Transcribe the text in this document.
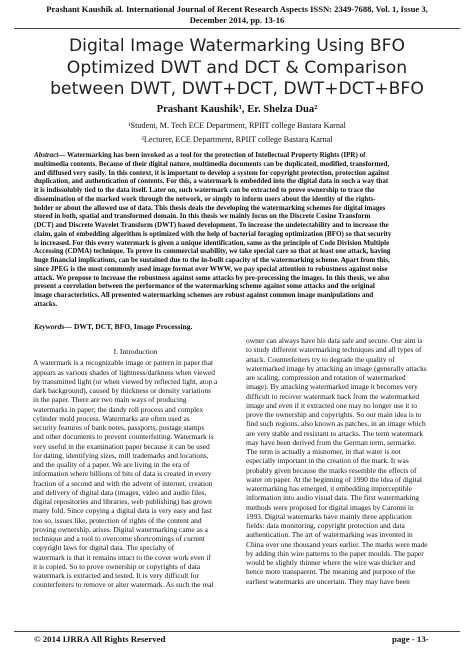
Prashant Kaushik al. International Journal of Recent Research Aspects ISSN: 2349-7688, Vol. 1, Issue 3,
December 2014, pp. 13-16
Digital Image Watermarking Using BFO
Optimized DWT and DCT & Comparison
between DWT, DWT+DCT, DWT+DCT+BFO
Prashant Kaushik¹, Er. Shelza Dua²
¹Student, M. Tech ECE Department, RPIIT college Bastara Karnal
²Lecturer, ECE Department, RPIIT college Bastara Karnal
Abstract— Watermarking has been invoked as a tool for the protection of Intellectual Property Rights (IPR) of
multimedia contents. Because of their digital nature, multimedia documents can be duplicated, modified, transformed,
and diffused very easily. In this context, it is important to develop a system for copyright protection, protection against
duplication, and authentication of contents. For this, a watermark is embedded into the digital data in such a way that
it is indissolubly tied to the data itself. Later on, such watermark can be extracted to prove ownership to trace the
dissemination of the marked work through the network, or simply to inform users about the identity of the rights-
holder or about the allowed use of data. This thesis deals the developing the watermarking schemes for digital images
stored in both, spatial and transformed domain. In this thesis we mainly focus on the Discrete Cosine Transform
(DCT) and Discrete Wavelet Transform (DWT) based development. To increase the undetectability and to increase the
claim, gain of embedding algorithm is optimized with the help of bacterial foraging optimization (BFO) so that security
is increased. For this every watermark is given a unique identification, same as the principle of Code Division Multiple
Accessing (CDMA) technique. To prove its commercial usability, we take special care so that at least one attack, having
huge financial implications, can be sustained due to the in-built capacity of the watermarking scheme. Apart from this,
since JPEG is the most commonly used image format over WWW, we pay special attention to robustness against noise
attack. We propose to increase the robustness against some attacks by pre-processing the images. In this thesis, we also
present a correlation between the performance of the watermarking scheme against some attacks and the original
image characteristics. All presented watermarking schemes are robust against common image manipulations and
attacks.
Keywords— DWT, DCT, BFO, Image Processing.
I. Introduction
A watermark is a recognizable image or pattern in paper that
appears as various shades of lightness/darkness when viewed
by transmitted light (or when viewed by reflected light, atop a
dark background), caused by thickness or density variations
in the paper. There are two main ways of producing
watermarks in paper; the dandy roll process and complex
cylinder mold process. Watermarks are often used as
security features of bank notes, passports, postage stamps
and other documents to prevent counterfeiting. Watermark is
very useful in the examination paper because it can be used
for dating, identifying sizes, mill trademarks and locations,
and the quality of a paper. We are living in the era of
information where billions of bits of data is created in every
fraction of a second and with the advent of internet, creation
and delivery of digital data (images, video and audio files,
digital repositories and libraries, web publishing) has grown
many fold. Since copying a digital data is very easy and fast
too so, issues like, protection of rights of the content and
proving ownership, arises. Digital watermarking came as a
technique and a tool to overcome shortcomings of current
copyright laws for digital data. The specialty of
watermark is that it remains intact to the cover work even if
it is copied. So to prove ownership or copyrights of data
watermark is extracted and tested. It is very difficult for
counterfeiters to remove or alter watermark. As such the real
owner can always have his data safe and secure. Our aim is
to study different watermarking techniques and all types of
attack. Counterfeiters try to degrade the quality of
watermarked image by attacking an image (generally attacks
are scaling, compression and rotation of watermarked
image). By attacking watermarked image it becomes very
difficult to recover watermark back from the watermarked
image and even if it extracted one may no longer use it to
prove the ownership and copyrights. So our main idea is to
find such regions, also known as patches, in an image which
are very stable and resistant to attacks. The term watermark
may have been derived from the German term, sermarke.
The term is actually a misnomer, in that water is not
especially important in the creation of the mark. It was
probably given because the marks resemble the effects of
water on paper. At the beginning of 1990 the idea of digital
watermarking has emerged, it embedding imperceptible
information into audio visual data. The first watermarking
methods were proposed for digital images by Caronni in
1993. Digital watermarks have mainly three application
fields: data monitoring, copyright protection and data
authentication. The art of watermarking was invented in
China over one thousand years earlier. The marks were made
by adding thin wire patterns to the paper moulds. The paper
would be slightly thinner where the wire was thicker and
hence more transparent. The meaning and purpose of the
earliest watermarks are uncertain. They may have been
© 2014 IJRRA All Rights Reserved	page - 13-
